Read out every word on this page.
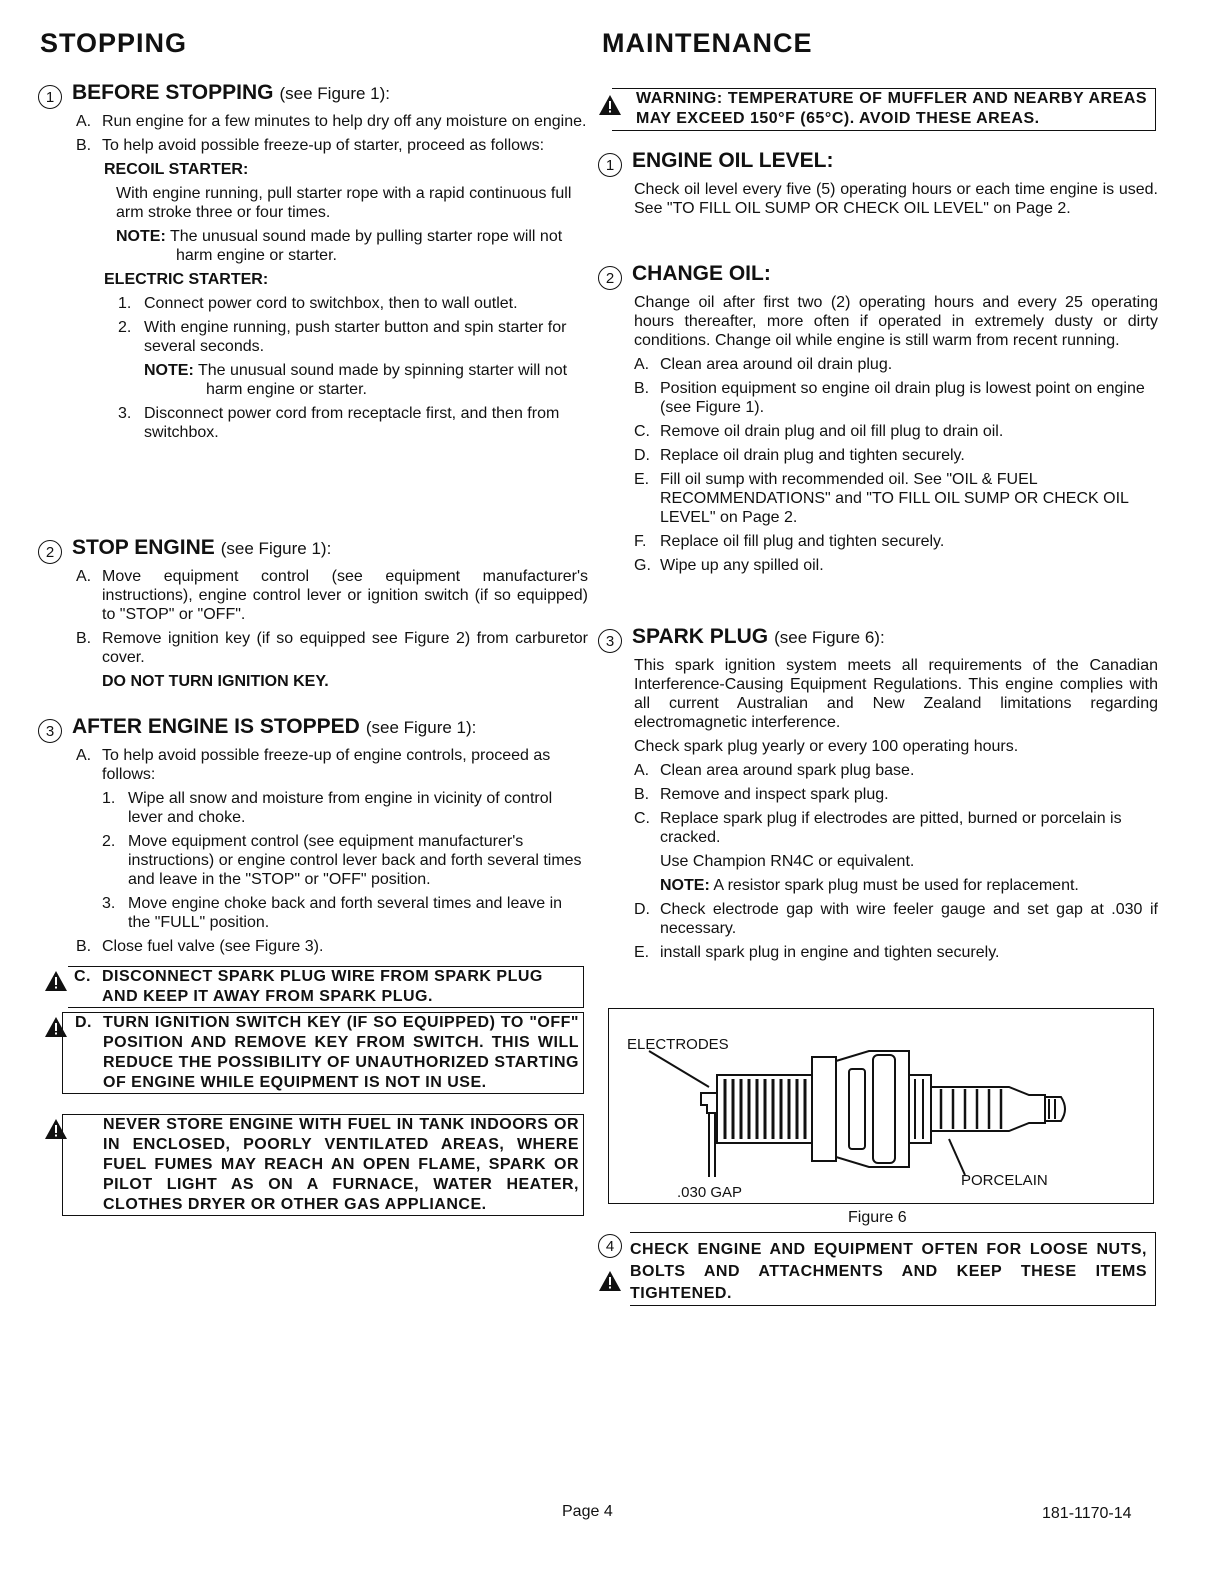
STOPPING
1 BEFORE STOPPING (see Figure 1):
A. Run engine for a few minutes to help dry off any moisture on engine.
B. To help avoid possible freeze-up of starter, proceed as follows:
RECOIL STARTER:
With engine running, pull starter rope with a rapid continuous full arm stroke three or four times.
NOTE: The unusual sound made by pulling starter rope will not harm engine or starter.
ELECTRIC STARTER:
1. Connect power cord to switchbox, then to wall outlet.
2. With engine running, push starter button and spin starter for several seconds.
NOTE: The unusual sound made by spinning starter will not harm engine or starter.
3. Disconnect power cord from receptacle first, and then from switchbox.
2 STOP ENGINE (see Figure 1):
A. Move equipment control (see equipment manufacturer's instructions), engine control lever or ignition switch (if so equipped) to "STOP" or "OFF".
B. Remove ignition key (if so equipped see Figure 2) from carburetor cover.
DO NOT TURN IGNITION KEY.
3 AFTER ENGINE IS STOPPED (see Figure 1):
A. To help avoid possible freeze-up of engine controls, proceed as follows:
1. Wipe all snow and moisture from engine in vicinity of control lever and choke.
2. Move equipment control (see equipment manufacturer's instructions) or engine control lever back and forth several times and leave in the "STOP" or "OFF" position.
3. Move engine choke back and forth several times and leave in the "FULL" position.
B. Close fuel valve (see Figure 3).
C. DISCONNECT SPARK PLUG WIRE FROM SPARK PLUG AND KEEP IT AWAY FROM SPARK PLUG.
D. TURN IGNITION SWITCH KEY (IF SO EQUIPPED) TO "OFF" POSITION AND REMOVE KEY FROM SWITCH. THIS WILL REDUCE THE POSSIBILITY OF UNAUTHORIZED STARTING OF ENGINE WHILE EQUIPMENT IS NOT IN USE.
NEVER STORE ENGINE WITH FUEL IN TANK INDOORS OR IN ENCLOSED, POORLY VENTILATED AREAS, WHERE FUEL FUMES MAY REACH AN OPEN FLAME, SPARK OR PILOT LIGHT AS ON A FURNACE, WATER HEATER, CLOTHES DRYER OR OTHER GAS APPLIANCE.
MAINTENANCE
WARNING: TEMPERATURE OF MUFFLER AND NEARBY AREAS MAY EXCEED 150°F (65°C). AVOID THESE AREAS.
1 ENGINE OIL LEVEL:
Check oil level every five (5) operating hours or each time engine is used. See "TO FILL OIL SUMP OR CHECK OIL LEVEL" on Page 2.
2 CHANGE OIL:
Change oil after first two (2) operating hours and every 25 operating hours thereafter, more often if operated in extremely dusty or dirty conditions. Change oil while engine is still warm from recent running.
A. Clean area around oil drain plug.
B. Position equipment so engine oil drain plug is lowest point on engine (see Figure 1).
C. Remove oil drain plug and oil fill plug to drain oil.
D. Replace oil drain plug and tighten securely.
E. Fill oil sump with recommended oil. See "OIL & FUEL RECOMMENDATIONS" and "TO FILL OIL SUMP OR CHECK OIL LEVEL" on Page 2.
F. Replace oil fill plug and tighten securely.
G. Wipe up any spilled oil.
3 SPARK PLUG (see Figure 6):
This spark ignition system meets all requirements of the Canadian Interference-Causing Equipment Regulations. This engine complies with all current Australian and New Zealand limitations regarding electromagnetic interference.
Check spark plug yearly or every 100 operating hours.
A. Clean area around spark plug base.
B. Remove and inspect spark plug.
C. Replace spark plug if electrodes are pitted, burned or porcelain is cracked.
Use Champion RN4C or equivalent.
NOTE: A resistor spark plug must be used for replacement.
D. Check electrode gap with wire feeler gauge and set gap at .030 if necessary.
E. install spark plug in engine and tighten securely.
ELECTRODES
.030 GAP
PORCELAIN
Figure 6
4 CHECK ENGINE AND EQUIPMENT OFTEN FOR LOOSE NUTS, BOLTS AND ATTACHMENTS AND KEEP THESE ITEMS TIGHTENED.
Page 4	181-1170-14
